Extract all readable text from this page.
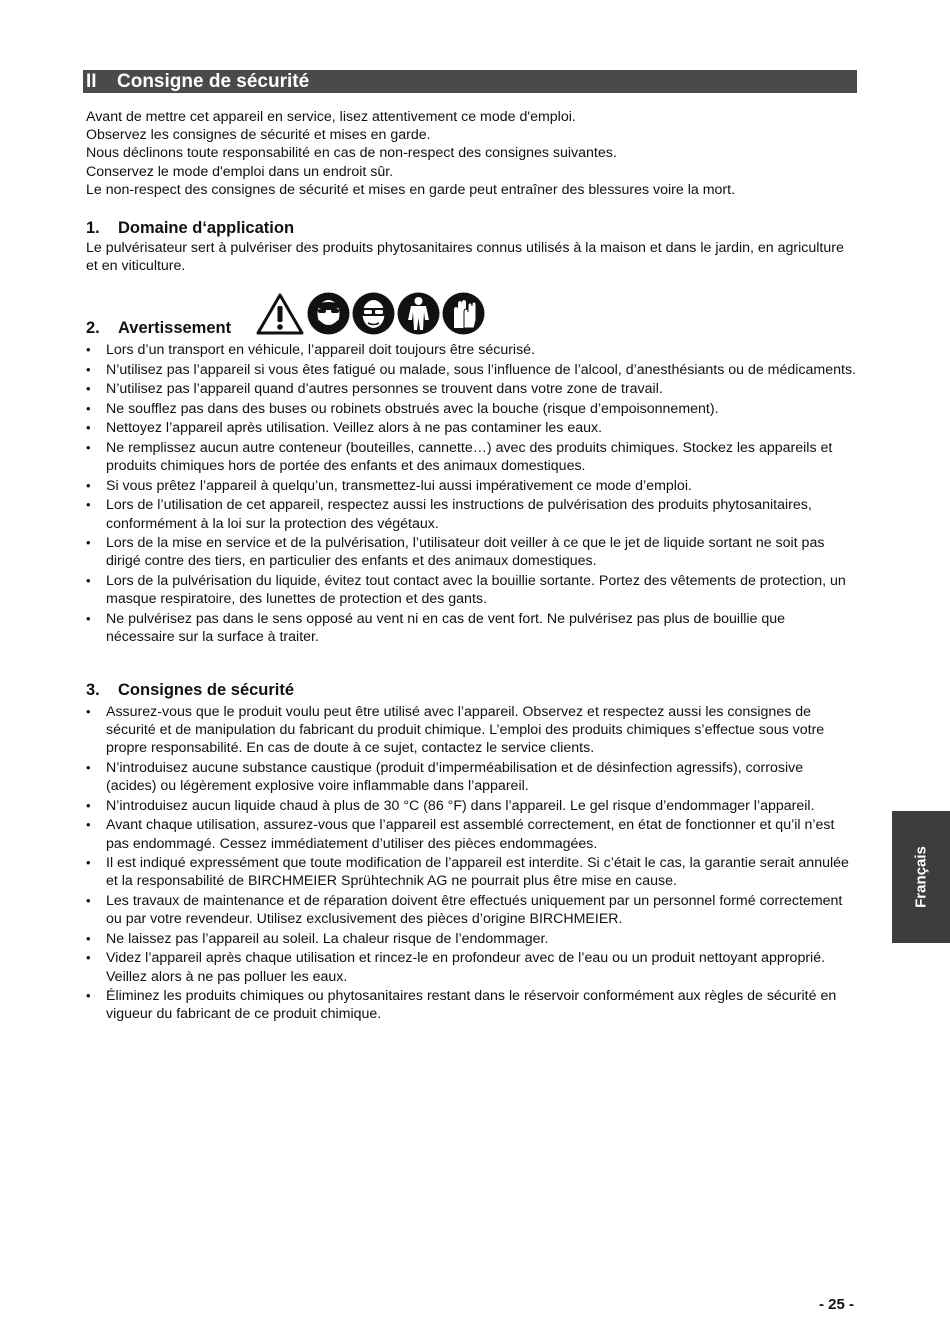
II Consigne de sécurité
Avant de mettre cet appareil en service, lisez attentivement ce mode d'emploi.
Observez les consignes de sécurité et mises en garde.
Nous déclinons toute responsabilité en cas de non-respect des consignes suivantes.
Conservez le mode d'emploi dans un endroit sûr.
Le non-respect des consignes de sécurité et mises en garde peut entraîner des blessures voire la mort.
1. Domaine d‘application
Le pulvérisateur sert à pulvériser des produits phytosanitaires connus utilisés à la maison et dans le jardin, en agriculture et en viticulture.
2. Avertissement
• Lors d’un transport en véhicule, l’appareil doit toujours être sécurisé.
• N’utilisez pas l’appareil si vous êtes fatigué ou malade, sous l’influence de l’alcool, d’anesthésiants ou de médicaments.
• N’utilisez pas l’appareil quand d’autres personnes se trouvent dans votre zone de travail.
• Ne soufflez pas dans des buses ou robinets obstrués avec la bouche (risque d’empoisonnement).
• Nettoyez l’appareil après utilisation. Veillez alors à ne pas contaminer les eaux.
• Ne remplissez aucun autre conteneur (bouteilles, cannette…) avec des produits chimiques. Stockez les appareils et produits chimiques hors de portée des enfants et des animaux domestiques.
• Si vous prêtez l’appareil à quelqu’un, transmettez-lui aussi impérativement ce mode d’emploi.
• Lors de l’utilisation de cet appareil, respectez aussi les instructions de pulvérisation des produits phytosanitaires, conformément à la loi sur la protection des végétaux.
• Lors de la mise en service et de la pulvérisation, l’utilisateur doit veiller à ce que le jet de liquide sortant ne soit pas dirigé contre des tiers, en particulier des enfants et des animaux domestiques.
• Lors de la pulvérisation du liquide, évitez tout contact avec la bouillie sortante. Portez des vêtements de protection, un masque respiratoire, des lunettes de protection et des gants.
• Ne pulvérisez pas dans le sens opposé au vent ni en cas de vent fort. Ne pulvérisez pas plus de bouillie que nécessaire sur la surface à traiter.
3. Consignes de sécurité
• Assurez-vous que le produit voulu peut être utilisé avec l’appareil. Observez et respectez aussi les consignes de sécurité et de manipulation du fabricant du produit chimique. L’emploi des produits chimiques s’effectue sous votre propre responsabilité. En cas de doute à ce sujet, contactez le service clients.
• N’introduisez aucune substance caustique (produit d’imperméabilisation et de désinfection agressifs), corrosive (acides) ou légèrement explosive voire inflammable dans l’appareil.
• N’introduisez aucun liquide chaud à plus de 30 °C (86 °F) dans l’appareil. Le gel risque d’endommager l’appareil.
• Avant chaque utilisation, assurez-vous que l’appareil est assemblé correctement, en état de fonctionner et qu’il n’est pas endommagé. Cessez immédiatement d’utiliser des pièces endommagées.
• Il est indiqué expressément que toute modification de l’appareil est interdite. Si c’était le cas, la garantie serait annulée et la responsabilité de BIRCHMEIER Sprühtechnik AG ne pourrait plus être mise en cause.
• Les travaux de maintenance et de réparation doivent être effectués uniquement par un personnel formé correctement ou par votre revendeur. Utilisez exclusivement des pièces d’origine BIRCHMEIER.
• Ne laissez pas l’appareil au soleil. La chaleur risque de l’endommager.
• Videz l’appareil après chaque utilisation et rincez-le en profondeur avec de l’eau ou un produit nettoyant approprié. Veillez alors à ne pas polluer les eaux.
• Éliminez les produits chimiques ou phytosanitaires restant dans le réservoir conformément aux règles de sécurité en vigueur du fabricant de ce produit chimique.
Français
- 25 -
